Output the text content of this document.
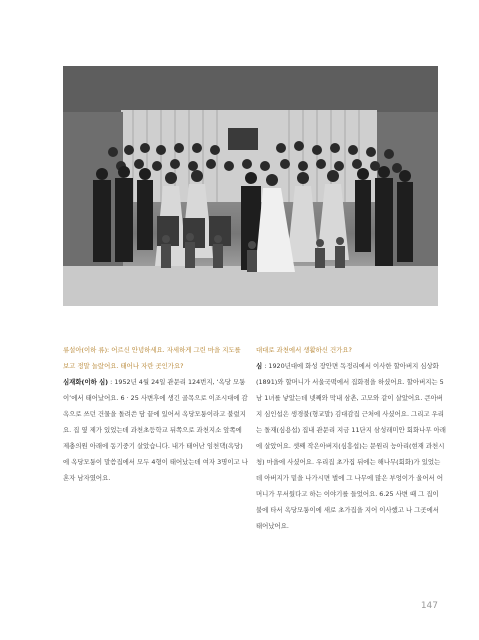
류설아(이하 류): 어르신 안녕하세요. 자세하게 그린 마을 지도를 보고 정말 놀랐어요. 태어나 자란 곳인가요?

심재화(이하 심) : 1952년 4월 24일 관문리 124번지, ‘옥당 모퉁이’에서 태어났어요. 6 · 25 사변후에 생긴 골목으로 이조시대에 감옥으로 쓰던 건물을 돌려쓴 담 끝에 있어서 옥당모퉁이라고 불렀지요. 집 옆 제가 있었는데 과천초등학교 뒤쪽으로 과천지소 앞쪽에 제충의원 아래에 동기중기 살았습니다. 내가 태어난 임천댁(옥당)에 옥당모퉁이 말씀집에서 모두 4형이 태어났는데 여자 3명이고 나 혼자 남자였어요.

대대로 과천에서 생활하신 건가요?

심 : 1920년대에 화성 장안면 독정리에서 이사한 할아버지 심상화(1891)와 할머니가 서울국떡에서 집화점을 하셨어요. 할아버지는 5남 1녀를 낳았는데 넷째와 막내 삼촌, 고모와 같이 살았어요. 큰아버지 심인섭은 생경불(형교말) 김대감집 근처에 사셨어요. 그리고 우리는 돌재(심용섭) 집내 관문리 지금 11단지 삼성래미안 회화나무 아래에 살았어요. 셋째 작은아버지(심흥섭)는 문원리 능아리(현재 과천시청) 마을에 사셨어요. 우리집 초가집 뒤에는 해나무(회화)가 있었는데 아버지가 밑을 나가시면 벌에 그 나무에 많은 부엉이가 울어서 어머니가 무서웠다고 하는 이야기를 들었어요. 6.25 사변 때 그 집이 불에 타서 옥당모퉁이에 새로 초가집을 지어 이사했고 나 그곳에서 태어났어요.

147
